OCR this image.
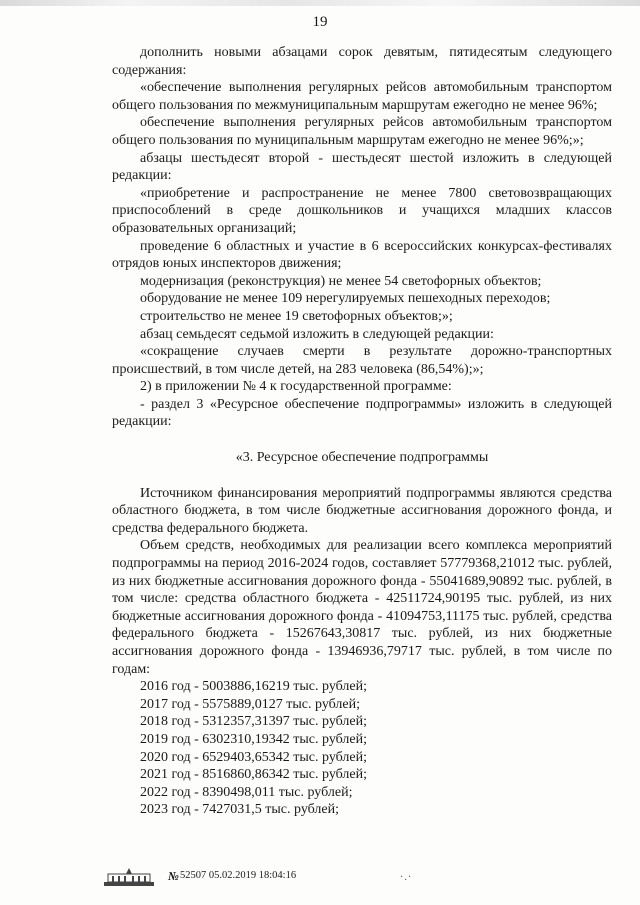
19

дополнить новыми абзацами сорок девятым, пятидесятым следующего содержания:

«обеспечение выполнения регулярных рейсов автомобильным транспортом общего пользования по межмуниципальным маршрутам ежегодно не менее 96%;

обеспечение выполнения регулярных рейсов автомобильным транспортом общего пользования по муниципальным маршрутам ежегодно не менее 96%;»;

абзацы шестьдесят второй - шестьдесят шестой изложить в следующей редакции:

«приобретение и распространение не менее 7800 световозвращающих приспособлений в среде дошкольников и учащихся младших классов образовательных организаций;

проведение 6 областных и участие в 6 всероссийских конкурсах-фестивалях отрядов юных инспекторов движения;

модернизация (реконструкция) не менее 54 светофорных объектов;

оборудование не менее 109 нерегулируемых пешеходных переходов;

строительство не менее 19 светофорных объектов;»;

абзац семьдесят седьмой изложить в следующей редакции:

«сокращение случаев смерти в результате дорожно-транспортных происшествий, в том числе детей, на 283 человека (86,54%);»;

2) в приложении № 4 к государственной программе:

- раздел 3 «Ресурсное обеспечение подпрограммы» изложить в следующей редакции:

«3. Ресурсное обеспечение подпрограммы

Источником финансирования мероприятий подпрограммы являются средства областного бюджета, в том числе бюджетные ассигнования дорожного фонда, и средства федерального бюджета.

Объем средств, необходимых для реализации всего комплекса мероприятий подпрограммы на период 2016-2024 годов, составляет 57779368,21012 тыс. рублей, из них бюджетные ассигнования дорожного фонда - 55041689,90892 тыс. рублей, в том числе: средства областного бюджета - 42511724,90195 тыс. рублей, из них бюджетные ассигнования дорожного фонда - 41094753,11175 тыс. рублей, средства федерального бюджета - 15267643,30817 тыс. рублей, из них бюджетные ассигнования дорожного фонда - 13946936,79717 тыс. рублей, в том числе по годам:

2016 год - 5003886,16219 тыс. рублей;
2017 год - 5575889,0127 тыс. рублей;
2018 год - 5312357,31397 тыс. рублей;
2019 год - 6302310,19342 тыс. рублей;
2020 год - 6529403,65342 тыс. рублей;
2021 год - 8516860,86342 тыс. рублей;
2022 год - 8390498,011 тыс. рублей;
2023 год - 7427031,5 тыс. рублей;
№ 52507 05.02.2019 18:04:16	·.·
